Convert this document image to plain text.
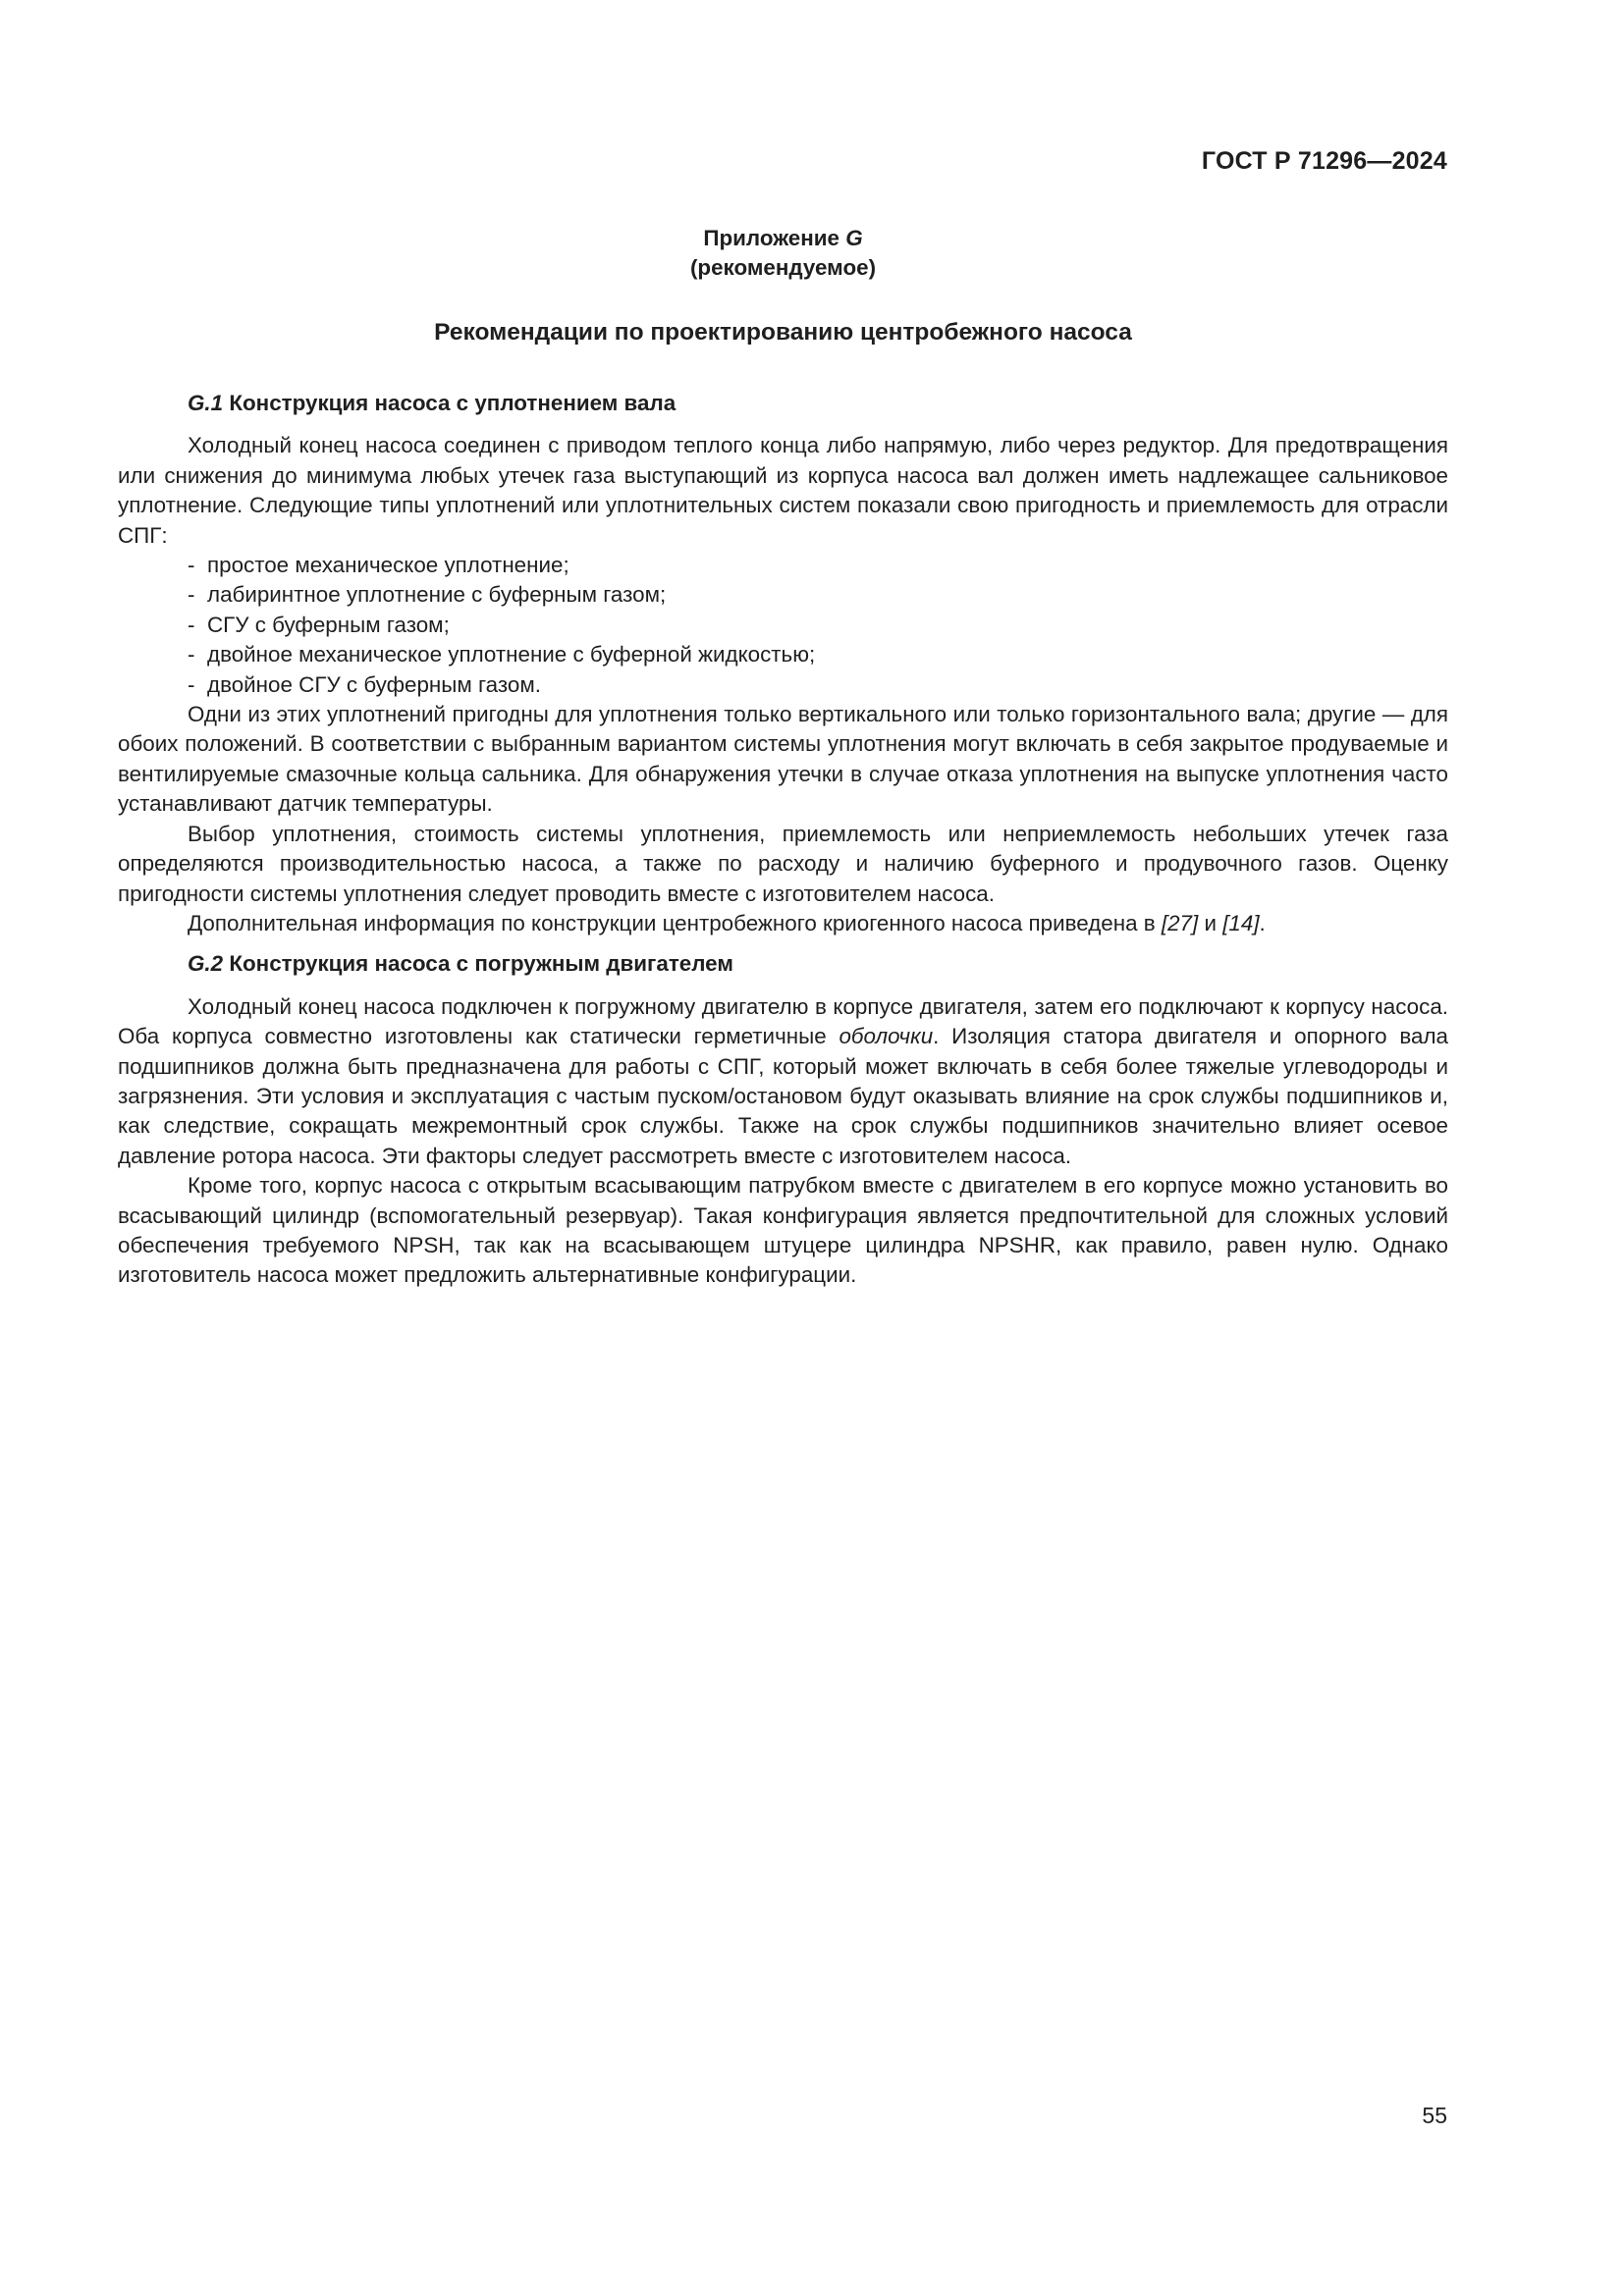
ГОСТ Р 71296—2024

Приложение G

(рекомендуемое)

Рекомендации по проектированию центробежного насоса

G.1 Конструкция насоса с уплотнением вала

Холодный конец насоса соединен с приводом теплого конца либо напрямую, либо через редуктор. Для предотвращения или снижения до минимума любых утечек газа выступающий из корпуса насоса вал должен иметь надлежащее сальниковое уплотнение. Следующие типы уплотнений или уплотнительных систем показали свою пригодность и приемлемость для отрасли СПГ:

- простое механическое уплотнение;
- лабиринтное уплотнение с буферным газом;
- СГУ с буферным газом;
- двойное механическое уплотнение с буферной жидкостью;
- двойное СГУ с буферным газом.

Одни из этих уплотнений пригодны для уплотнения только вертикального или только горизонтального вала; другие — для обоих положений. В соответствии с выбранным вариантом системы уплотнения могут включать в себя закрытое продуваемые и вентилируемые смазочные кольца сальника. Для обнаружения утечки в случае отказа уплотнения на выпуске уплотнения часто устанавливают датчик температуры.

Выбор уплотнения, стоимость системы уплотнения, приемлемость или неприемлемость небольших утечек газа определяются производительностью насоса, а также по расходу и наличию буферного и продувочного газов. Оценку пригодности системы уплотнения следует проводить вместе с изготовителем насоса.

Дополнительная информация по конструкции центробежного криогенного насоса приведена в [27] и [14].

G.2 Конструкция насоса с погружным двигателем

Холодный конец насоса подключен к погружному двигателю в корпусе двигателя, затем его подключают к корпусу насоса. Оба корпуса совместно изготовлены как статически герметичные оболочки. Изоляция статора двигателя и опорного вала подшипников должна быть предназначена для работы с СПГ, который может включать в себя более тяжелые углеводороды и загрязнения. Эти условия и эксплуатация с частым пуском/остановом будут оказывать влияние на срок службы подшипников и, как следствие, сокращать межремонтный срок службы. Также на срок службы подшипников значительно влияет осевое давление ротора насоса. Эти факторы следует рассмотреть вместе с изготовителем насоса.

Кроме того, корпус насоса с открытым всасывающим патрубком вместе с двигателем в его корпусе можно установить во всасывающий цилиндр (вспомогательный резервуар). Такая конфигурация является предпочтительной для сложных условий обеспечения требуемого NPSH, так как на всасывающем штуцере цилиндра NPSHR, как правило, равен нулю. Однако изготовитель насоса может предложить альтернативные конфигурации.

55
